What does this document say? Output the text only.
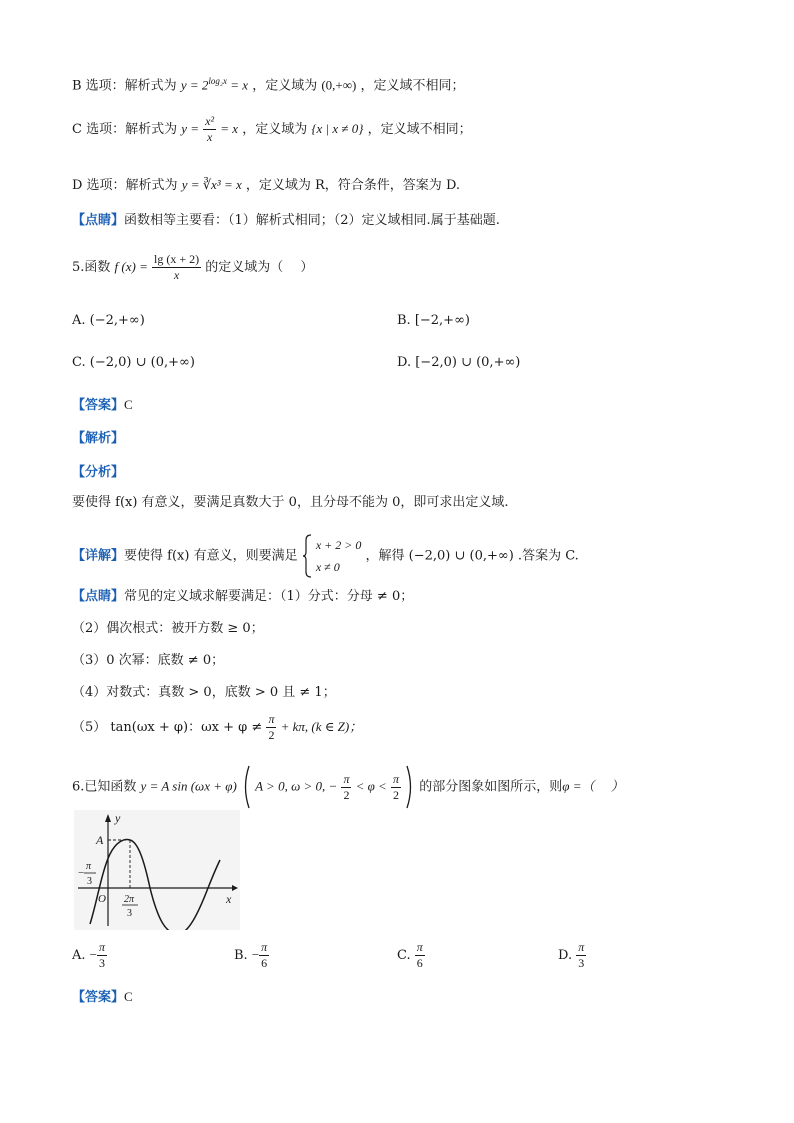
B 选项：解析式为 $y = 2^{log_2x} = x$ ，定义域为 (0,+∞) ，定义域不相同；
C 选项：解析式为 $y = \frac{\text{x²}}{x} = x$ ，定义域为 {x | x ≠ 0} ，定义域不相同；
D 选项：解析式为 y = ∛x³ = x ，定义域为 R，符合条件，答案为 D.
【点睛】函数相等主要看：（1）解析式相同；（2）定义域相同.属于基础题.
5.函数 f $(x) = \frac{\lg (x + 2)}{x}$ 的定义域为（　 ）
A. (−2,+∞)	B. [−2,+∞)
C. (−2,0) ∪ (0,+∞)	D. [−2,0) ∪ (0,+∞)
【答案】C
【解析】
【分析】
要使得 f(x) 有意义，要满足真数大于 0，且分母不能为 0，即可求出定义域.
【详解】要使得 f(x) 有意义，则要满足
x + 2 > 0
x ≠ 0
，解得 (−2,0) ∪ (0,+∞) .答案为 C.
【点睛】常见的定义域求解要满足：（1）分式：分母 ≠ 0；
（2）偶次根式：被开方数 ≥ 0；
（3）0 次幂：底数 ≠ 0；
（4）对数式：真数 > 0，底数 > 0 且 ≠ 1；
（5） tan(ωx + φ)：$\omega x + \varphi \ne \frac{\pi}{2} + k\pi$, (k ∈ Z)；
6.已知函数 y = A sin (ωx + φ) A > 0, ω > 0, − $\frac{\pi}{2} < \varphi < \frac{\pi}{2}$ 的部分图象如图所示，则φ =（　 ）
y
x
A
O
−
π
3
2π
3
A. − $\frac{\pi}{3}$	B. − $\frac{\pi}{6}$	C. $\frac{\pi}{6}$	D. $\frac{\pi}{3}$
【答案】C
